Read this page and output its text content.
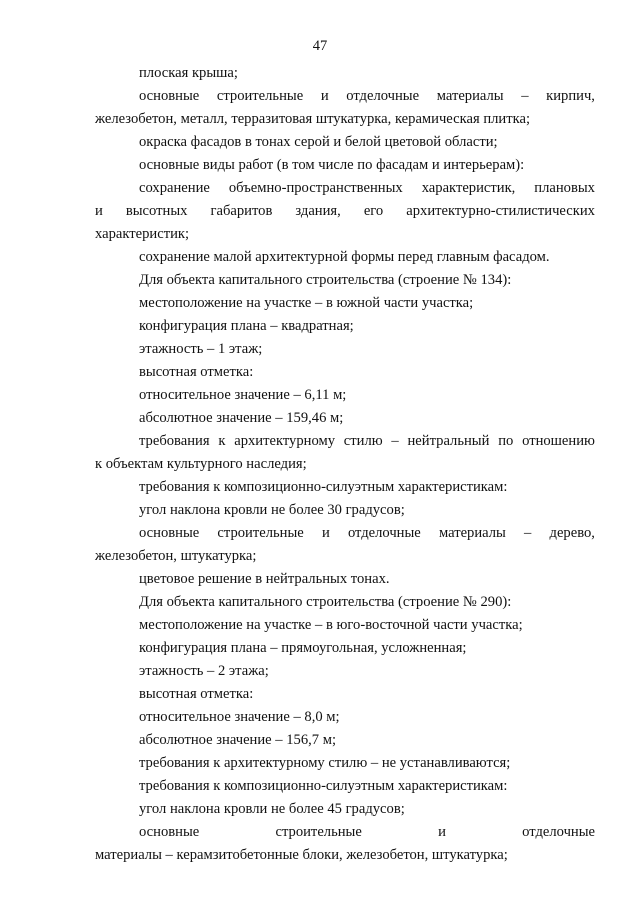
47
плоская крыша;
основные строительные и отделочные материалы – кирпич,
железобетон, металл, терразитовая штукатурка, керамическая плитка;
окраска фасадов в тонах серой и белой цветовой области;
основные виды работ (в том числе по фасадам и интерьерам):
сохранение объемно-пространственных характеристик, плановых
и высотных габаритов здания, его архитектурно-стилистических
характеристик;
сохранение малой архитектурной формы перед главным фасадом.
Для объекта капитального строительства (строение № 134):
местоположение на участке – в южной части участка;
конфигурация плана – квадратная;
этажность – 1 этаж;
высотная отметка:
относительное значение – 6,11 м;
абсолютное значение – 159,46 м;
требования к архитектурному стилю – нейтральный по отношению
к объектам культурного наследия;
требования к композиционно-силуэтным характеристикам:
угол наклона кровли не более 30 градусов;
основные строительные и отделочные материалы – дерево,
железобетон, штукатурка;
цветовое решение в нейтральных тонах.
Для объекта капитального строительства (строение № 290):
местоположение на участке – в юго-восточной части участка;
конфигурация плана – прямоугольная, усложненная;
этажность – 2 этажа;
высотная отметка:
относительное значение – 8,0 м;
абсолютное значение – 156,7 м;
требования к архитектурному стилю – не устанавливаются;
требования к композиционно-силуэтным характеристикам:
угол наклона кровли не более 45 градусов;
основные	строительные	и	отделочные
материалы – керамзитобетонные блоки, железобетон, штукатурка;
